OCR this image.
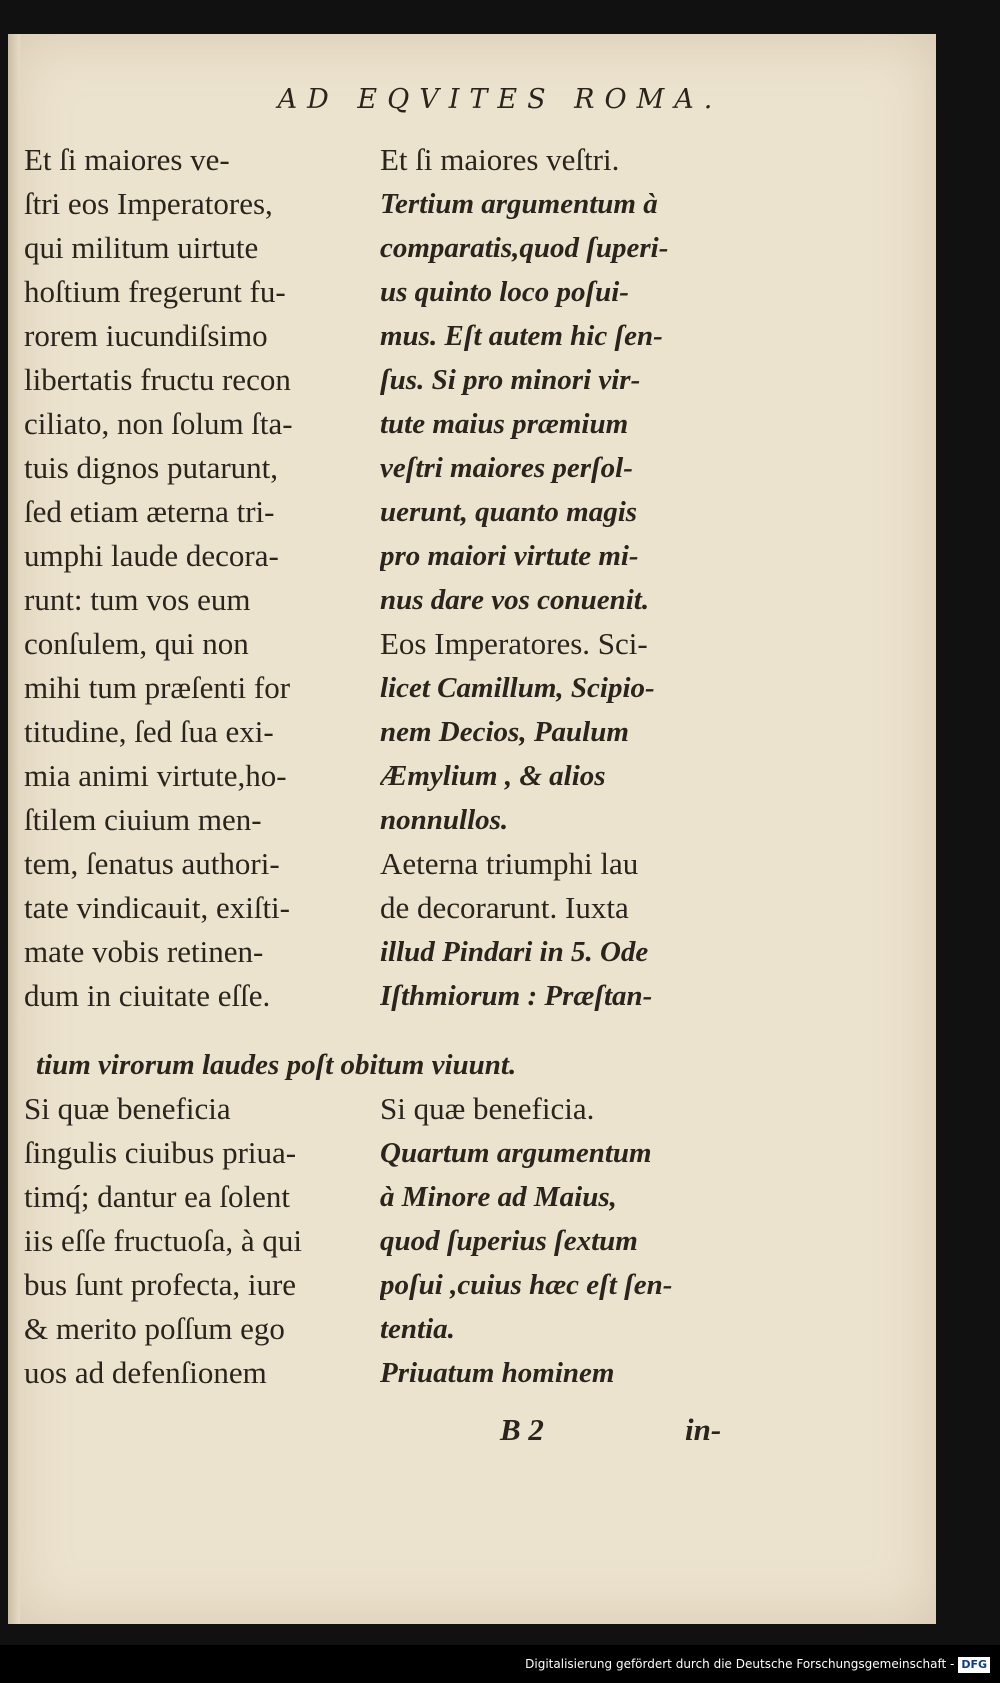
AD EQVITES ROMA.
Et ſi maiores ve-
ſtri eos Imperatores,
qui militum uirtute
hoſtium fregerunt fu-
rorem iucundiſsimo
libertatis fructu recon
ciliato, non ſolum ſta-
tuis dignos putarunt,
ſed etiam æterna tri-
umphi laude decora-
runt: tum vos eum
conſulem, qui non
mihi tum præſenti for
titudine, ſed ſua exi-
mia animi virtute,ho-
ſtilem ciuium men-
tem, ſenatus authori-
tate vindicauit, exiſti-
mate vobis retinen-
dum in ciuitate eſſe.
Et ſi maiores veſtri.
Tertium argumentum à
comparatis,quod ſuperi-
us quinto loco poſui-
mus. Eſt autem hic ſen-
ſus. Si pro minori vir-
tute maius præmium
veſtri maiores perſol-
uerunt, quanto magis
pro maiori virtute mi-
nus dare vos conuenit.
Eos Imperatores. Sci-
licet Camillum, Scipio-
nem Decios, Paulum
Æmylium , & alios
nonnullos.
Aeterna triumphi lau
de decorarunt. Iuxta
illud Pindari in 5. Ode
Iſthmiorum : Præſtan-
tium virorum laudes poſt obitum viuunt.
Si quæ beneficia
ſingulis ciuibus priua-
timq́; dantur ea ſolent
iis eſſe fructuoſa, à qui
bus ſunt profecta, iure
& merito poſſum ego
uos ad defenſionem
Si quæ beneficia.
Quartum argumentum
à Minore ad Maius,
quod ſuperius ſextum
poſui ,cuius hæc eſt ſen-
tentia.
Priuatum hominem
B 2	in-
Digitalisierung gefördert durch die Deutsche Forschungsgemeinschaft - DFG
